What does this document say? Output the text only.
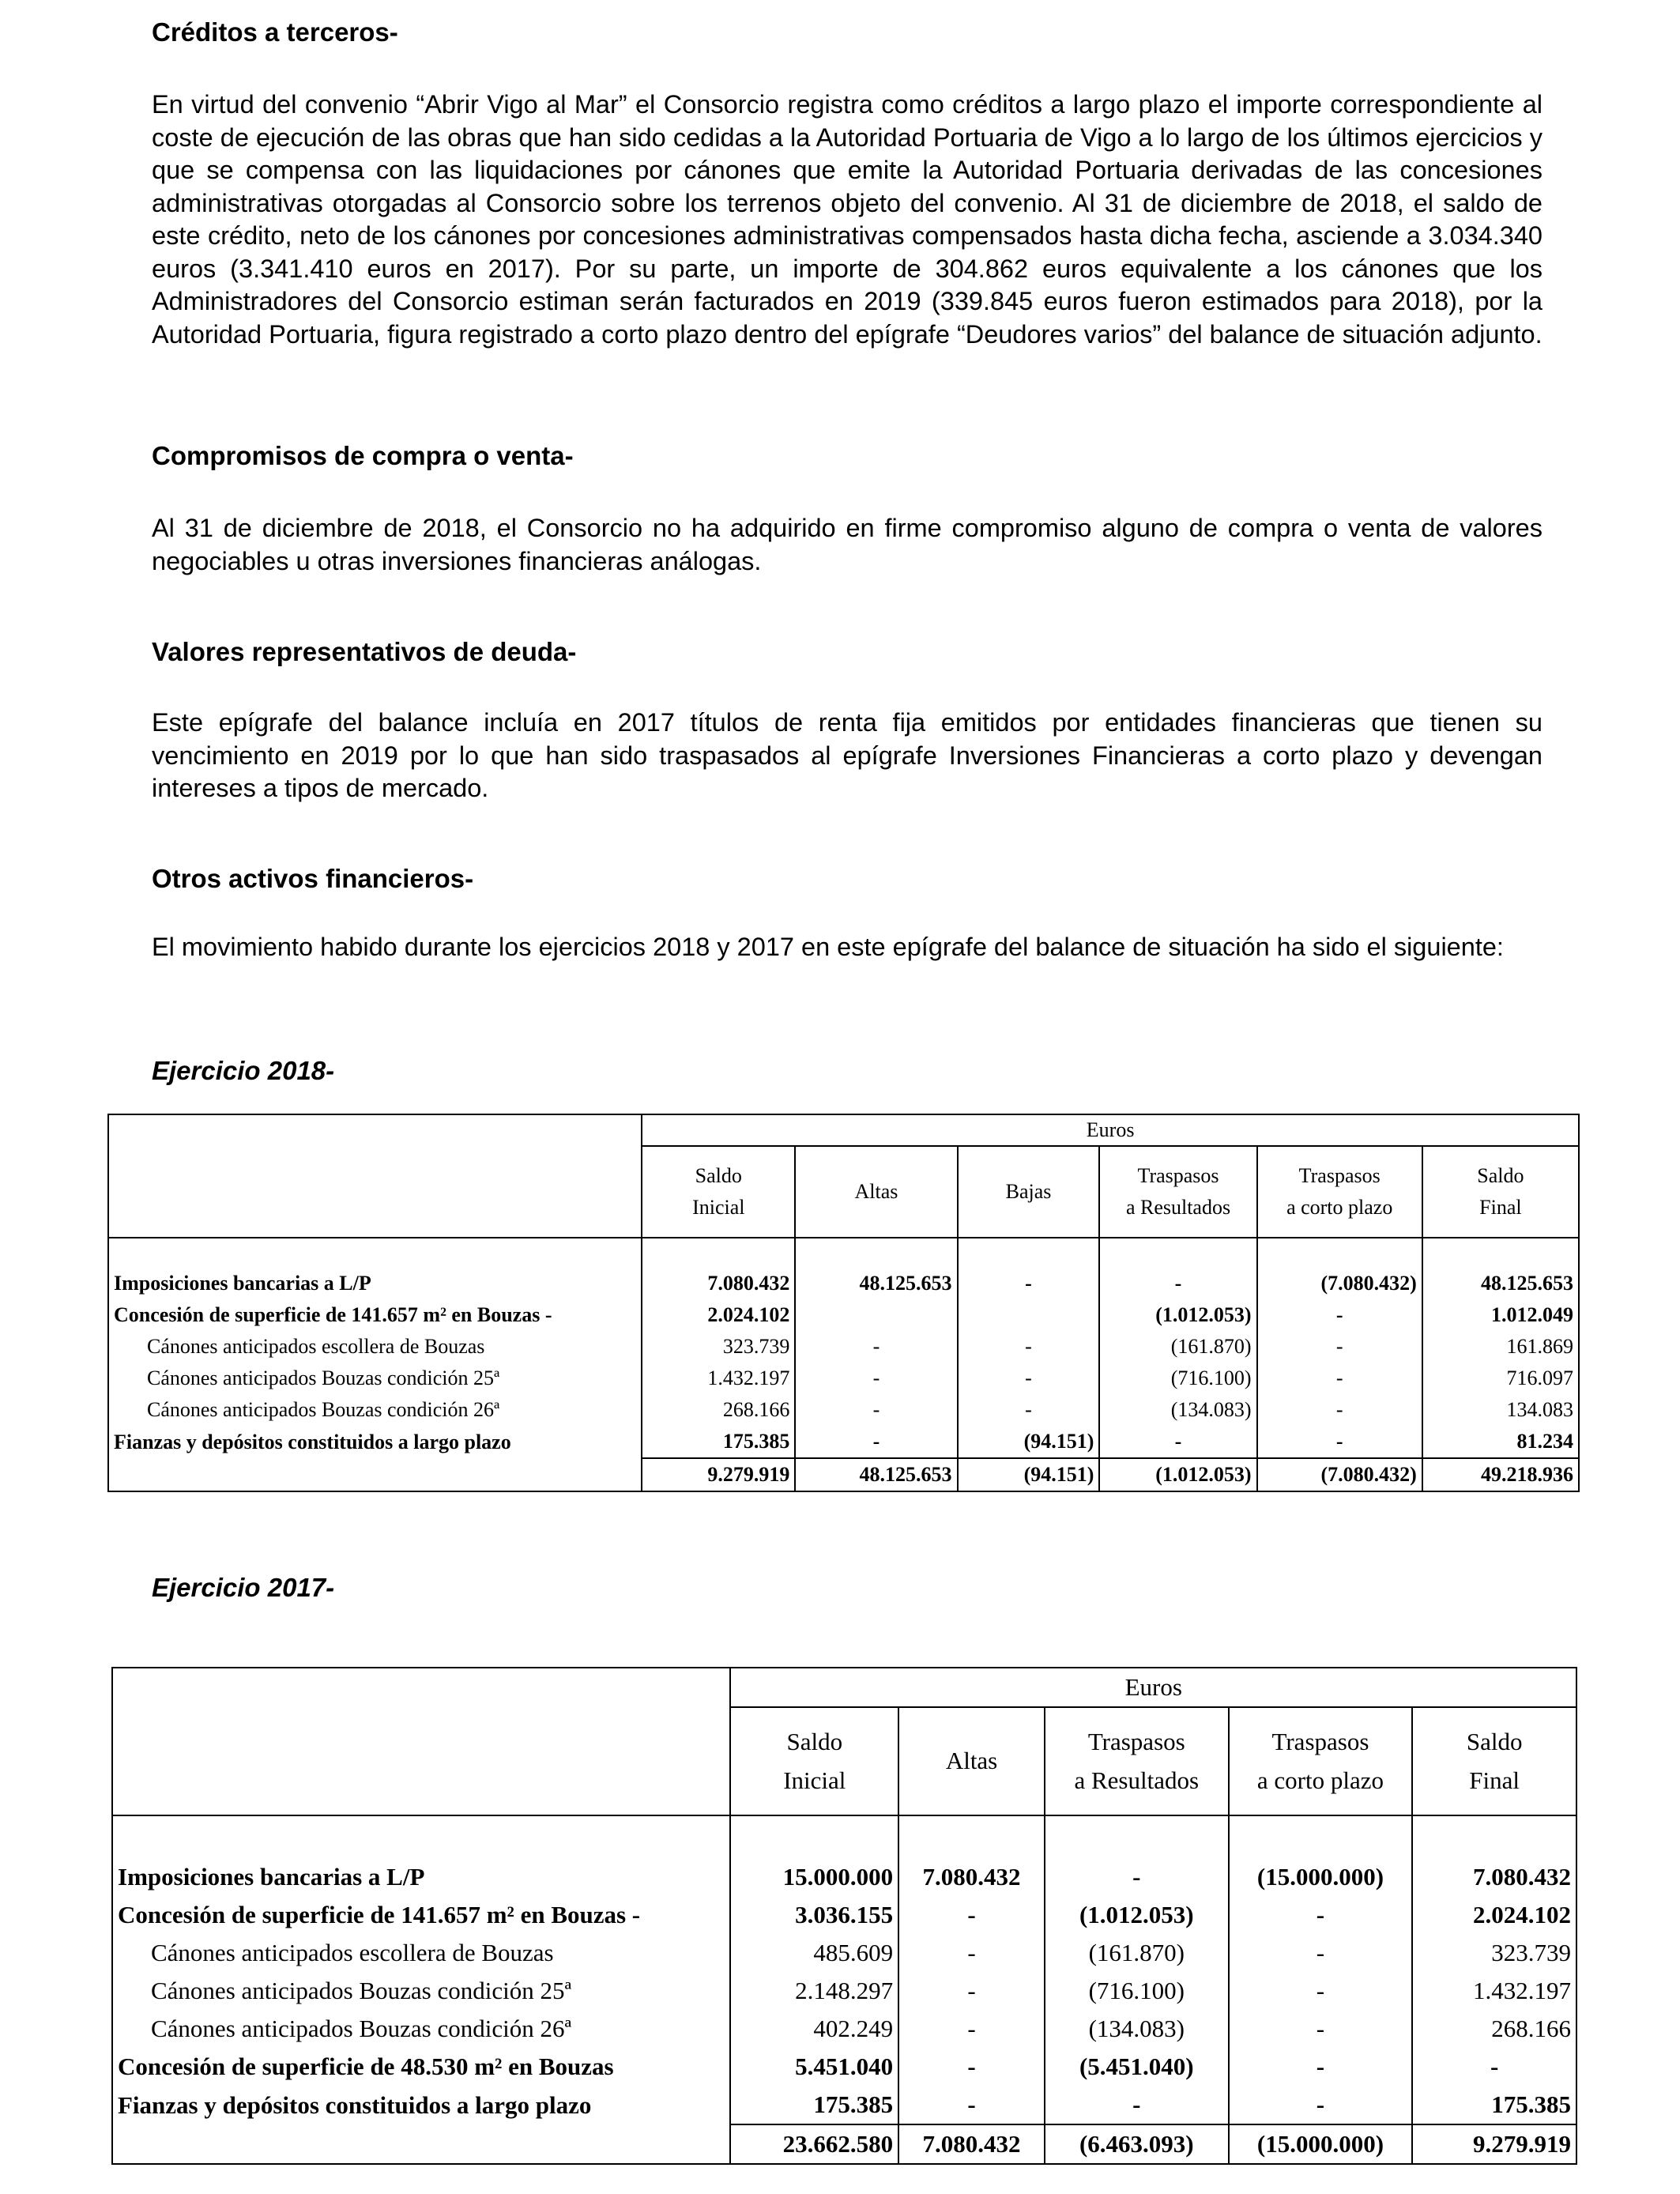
Créditos a terceros-

En virtud del convenio “Abrir Vigo al Mar” el Consorcio registra como créditos a largo plazo el importe correspondiente al coste de ejecución de las obras que han sido cedidas a la Autoridad Portuaria de Vigo a lo largo de los últimos ejercicios y que se compensa con las liquidaciones por cánones que emite la Autoridad Portuaria derivadas de las concesiones administrativas otorgadas al Consorcio sobre los terrenos objeto del convenio. Al 31 de diciembre de 2018, el saldo de este crédito, neto de los cánones por concesiones administrativas compensados hasta dicha fecha, asciende a 3.034.340 euros (3.341.410 euros en 2017). Por su parte, un importe de 304.862 euros equivalente a los cánones que los Administradores del Consorcio estiman serán facturados en 2019 (339.845 euros fueron estimados para 2018), por la Autoridad Portuaria, figura registrado a corto plazo dentro del epígrafe “Deudores varios” del balance de situación adjunto.

Compromisos de compra o venta-

Al 31 de diciembre de 2018, el Consorcio no ha adquirido en firme compromiso alguno de compra o venta de valores negociables u otras inversiones financieras análogas.

Valores representativos de deuda-

Este epígrafe del balance incluía en 2017 títulos de renta fija emitidos por entidades financieras que tienen su vencimiento en 2019 por lo que han sido traspasados al epígrafe Inversiones Financieras a corto plazo y devengan intereses a tipos de mercado.

Otros activos financieros-

El movimiento habido durante los ejercicios 2018 y 2017 en este epígrafe del balance de situación ha sido el siguiente:

Ejercicio 2018-

Ejercicio 2017-

	Euros					
	Saldo
Inicial	Altas	Bajas	Traspasos
a Resultados	Traspasos
a corto plazo	Saldo
Final

Imposiciones bancarias a L/P	7.080.432	48.125.653	-	-	(7.080.432)	48.125.653
Concesión de superficie de 141.657 m² en Bouzas -	2.024.102			(1.012.053)	-	1.012.049
Cánones anticipados escollera de Bouzas	323.739	-	-	(161.870)	-	161.869
Cánones anticipados Bouzas condición 25ª	1.432.197	-	-	(716.100)	-	716.097
Cánones anticipados Bouzas condición 26ª	268.166	-	-	(134.083)	-	134.083
Fianzas y depósitos constituidos a largo plazo	175.385	-	(94.151)	-	-	81.234
	9.279.919	48.125.653	(94.151)	(1.012.053)	(7.080.432)	49.218.936
	Euros				
	Saldo
Inicial	Altas	Traspasos
a Resultados	Traspasos
a corto plazo	Saldo
Final

Imposiciones bancarias a L/P	15.000.000	7.080.432	-	(15.000.000)	7.080.432
Concesión de superficie de 141.657 m² en Bouzas -	3.036.155	-	(1.012.053)	-	2.024.102
Cánones anticipados escollera de Bouzas	485.609	-	(161.870)	-	323.739
Cánones anticipados Bouzas condición 25ª	2.148.297	-	(716.100)	-	1.432.197
Cánones anticipados Bouzas condición 26ª	402.249	-	(134.083)	-	268.166
Concesión de superficie de 48.530 m² en Bouzas	5.451.040	-	(5.451.040)	-	-
Fianzas y depósitos constituidos a largo plazo	175.385	-	-	-	175.385
	23.662.580	7.080.432	(6.463.093)	(15.000.000)	9.279.919
